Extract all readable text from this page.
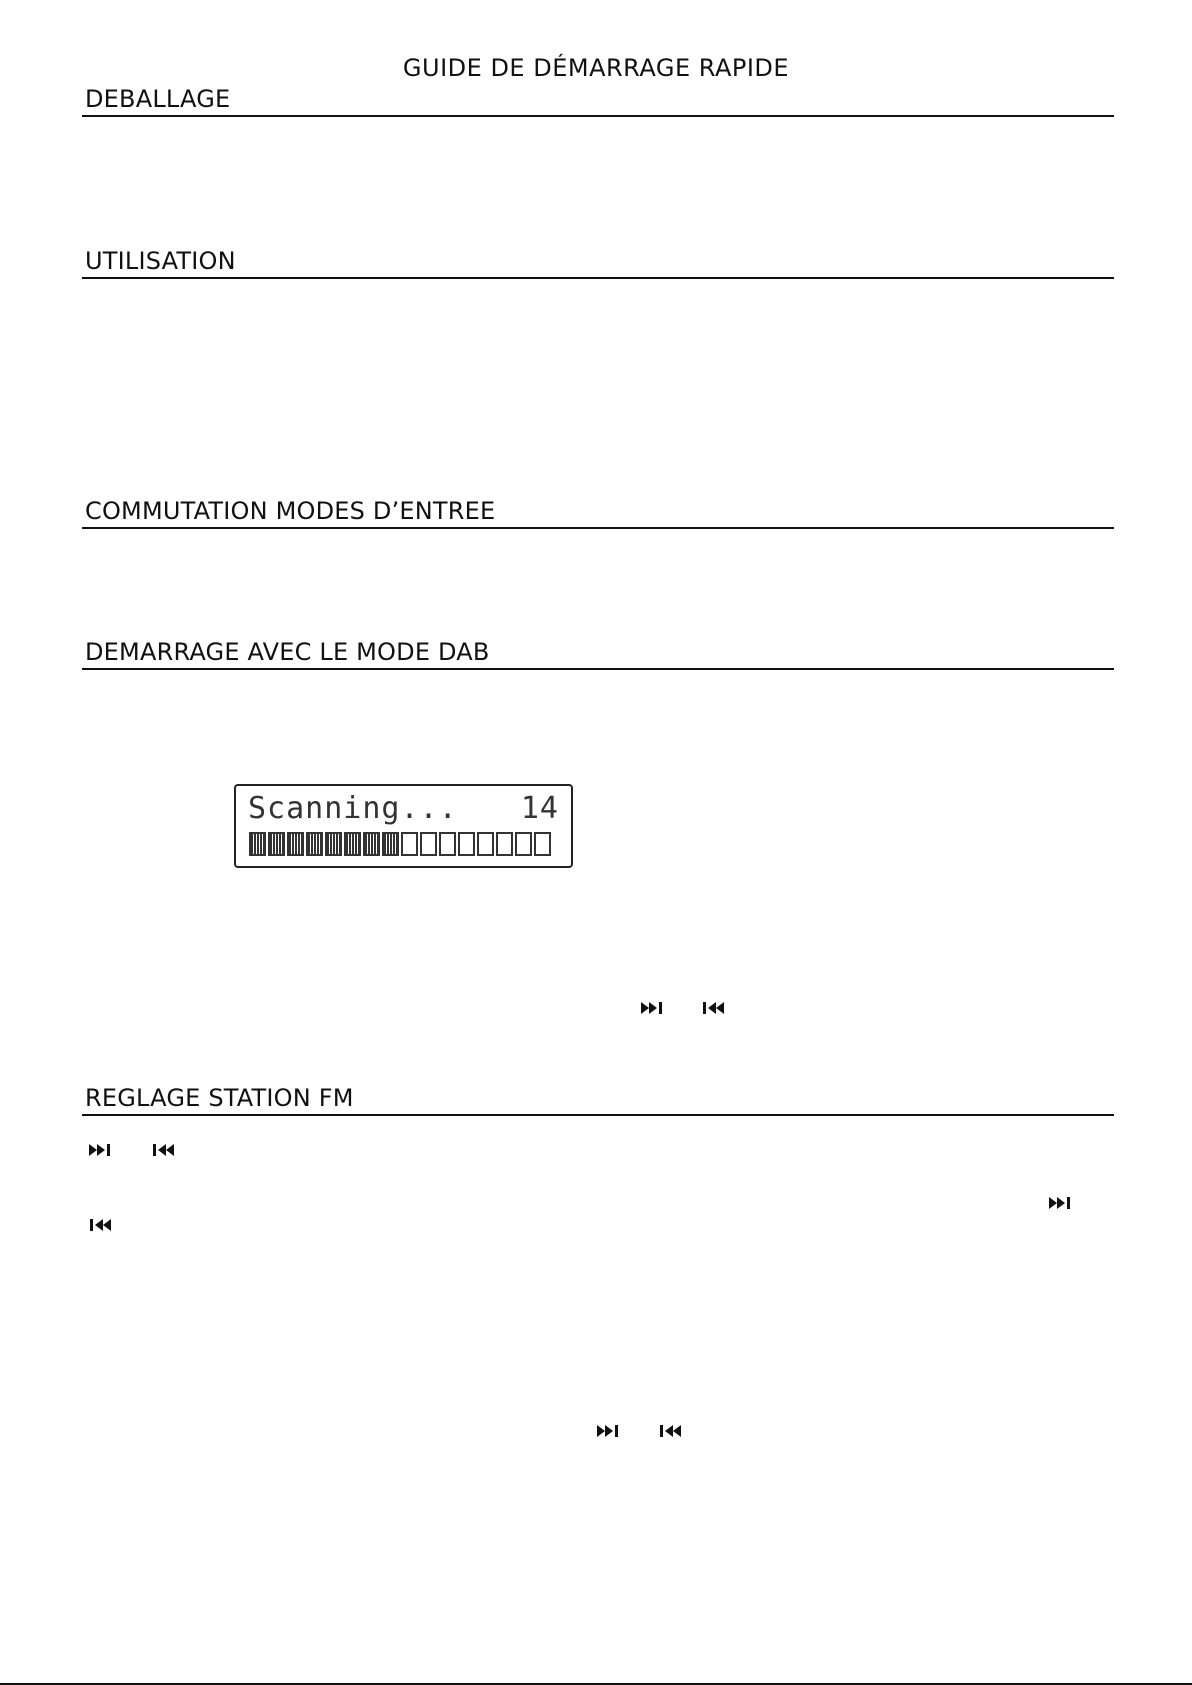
GUIDE DE DÉMARRAGE RAPIDE
DEBALLAGE
UTILISATION
COMMUTATION MODES D’ENTREE
DEMARRAGE AVEC LE MODE DAB
Scanning... 14
REGLAGE STATION FM
